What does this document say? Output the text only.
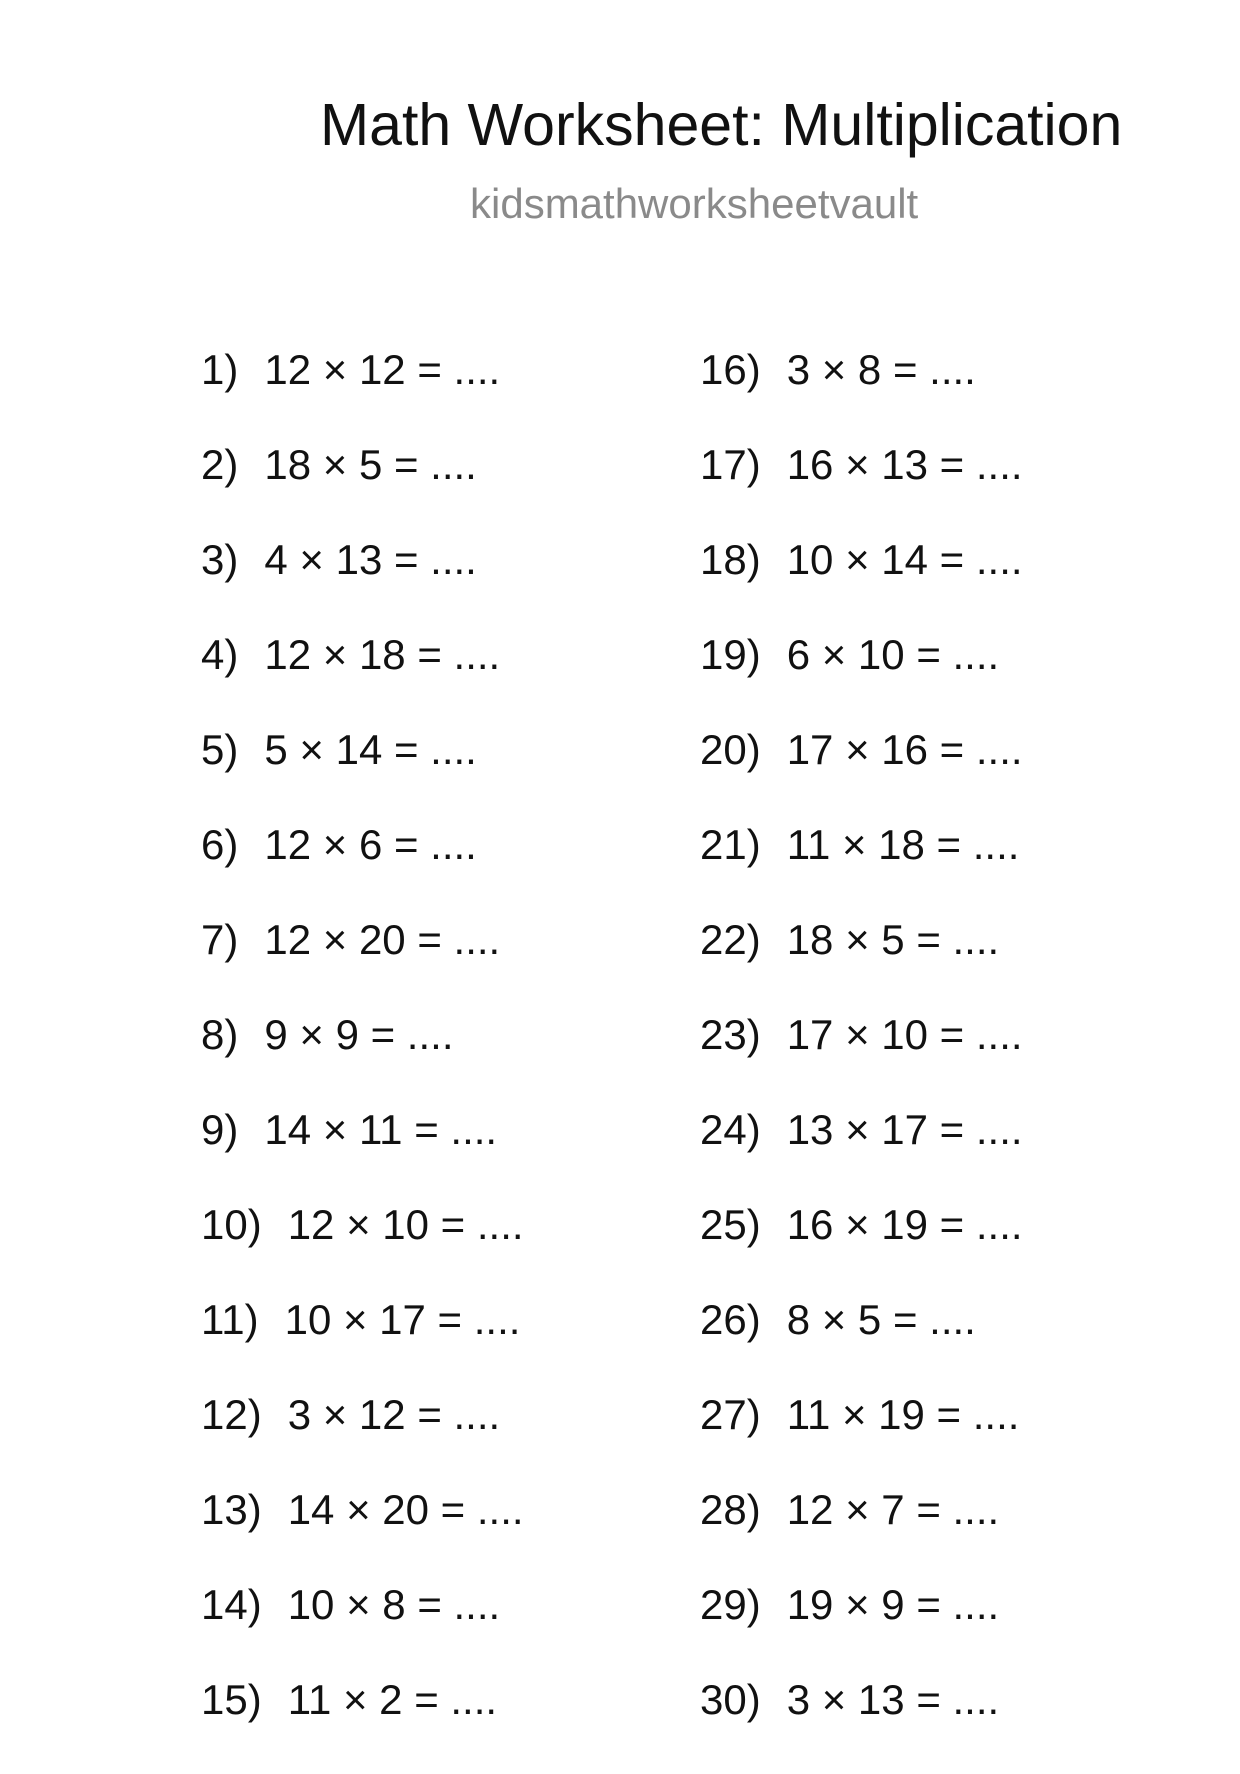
Math Worksheet: Multiplication
kidsmathworksheetvault
1) 12 × 12 = ....
2) 18 × 5 = ....
3) 4 × 13 = ....
4) 12 × 18 = ....
5) 5 × 14 = ....
6) 12 × 6 = ....
7) 12 × 20 = ....
8) 9 × 9 = ....
9) 14 × 11 = ....
10) 12 × 10 = ....
11) 10 × 17 = ....
12) 3 × 12 = ....
13) 14 × 20 = ....
14) 10 × 8 = ....
15) 11 × 2 = ....
16) 3 × 8 = ....
17) 16 × 13 = ....
18) 10 × 14 = ....
19) 6 × 10 = ....
20) 17 × 16 = ....
21) 11 × 18 = ....
22) 18 × 5 = ....
23) 17 × 10 = ....
24) 13 × 17 = ....
25) 16 × 19 = ....
26) 8 × 5 = ....
27) 11 × 19 = ....
28) 12 × 7 = ....
29) 19 × 9 = ....
30) 3 × 13 = ....
